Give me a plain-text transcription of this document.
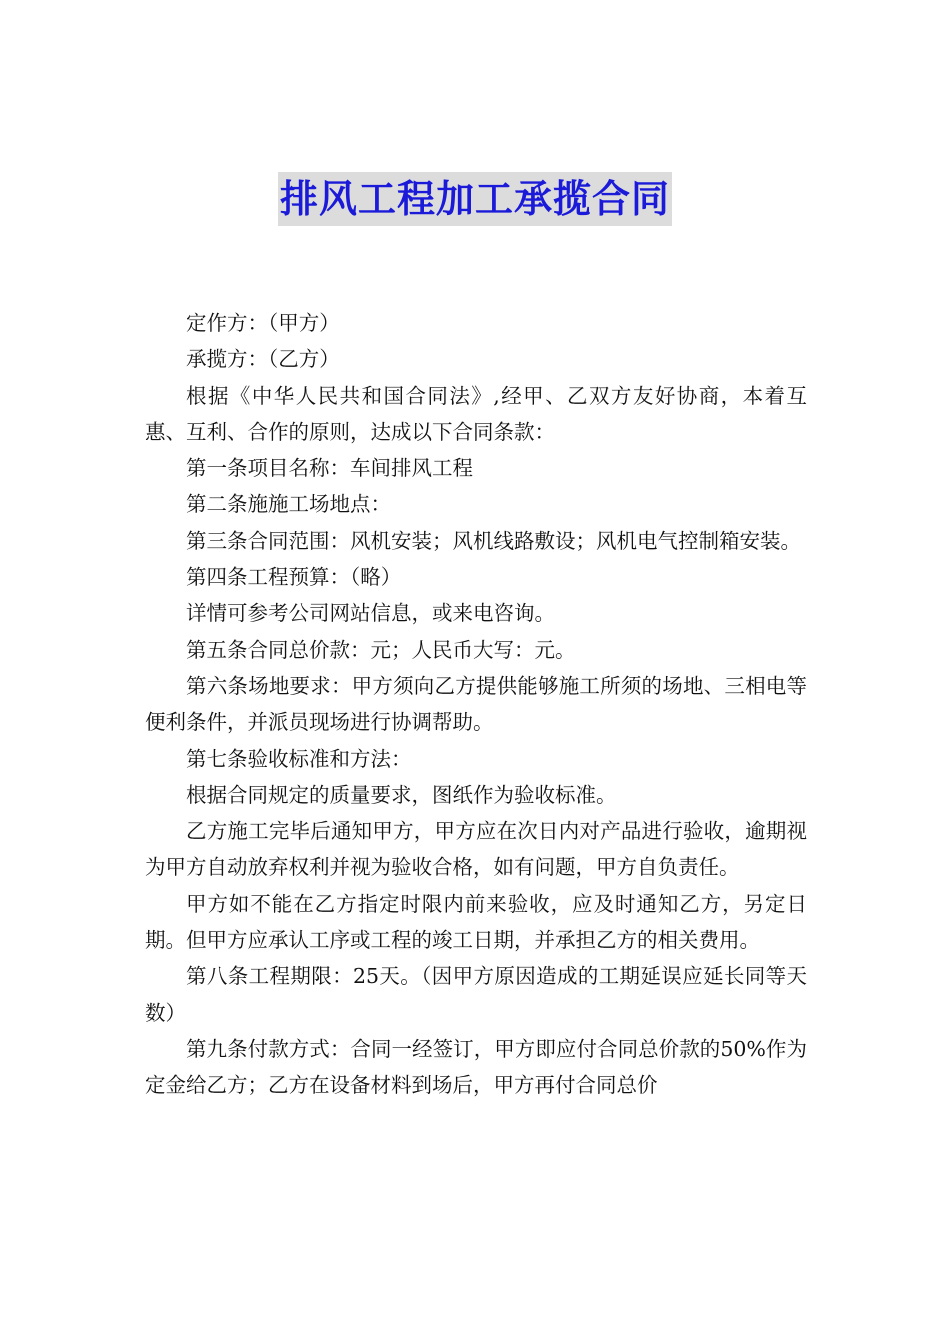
排风工程加工承揽合同

定作方：（甲方）

承揽方：（乙方）

根据《中华人民共和国合同法》,经甲、乙双方友好协商，本着互惠、互利、合作的原则，达成以下合同条款：

第一条项目名称：车间排风工程

第二条施施工场地点：

第三条合同范围：风机安装；风机线路敷设；风机电气控制箱安装。

第四条工程预算：（略）

详情可参考公司网站信息，或来电咨询。

第五条合同总价款：元；人民币大写：元。

第六条场地要求：甲方须向乙方提供能够施工所须的场地、三相电等便利条件，并派员现场进行协调帮助。

第七条验收标准和方法：

根据合同规定的质量要求，图纸作为验收标准。

乙方施工完毕后通知甲方，甲方应在次日内对产品进行验收，逾期视为甲方自动放弃权利并视为验收合格，如有问题，甲方自负责任。

甲方如不能在乙方指定时限内前来验收，应及时通知乙方，另定日期。但甲方应承认工序或工程的竣工日期，并承担乙方的相关费用。

第八条工程期限：25天。（因甲方原因造成的工期延误应延长同等天数）

第九条付款方式：合同一经签订，甲方即应付合同总价款的50%作为定金给乙方；乙方在设备材料到场后，甲方再付合同总价
